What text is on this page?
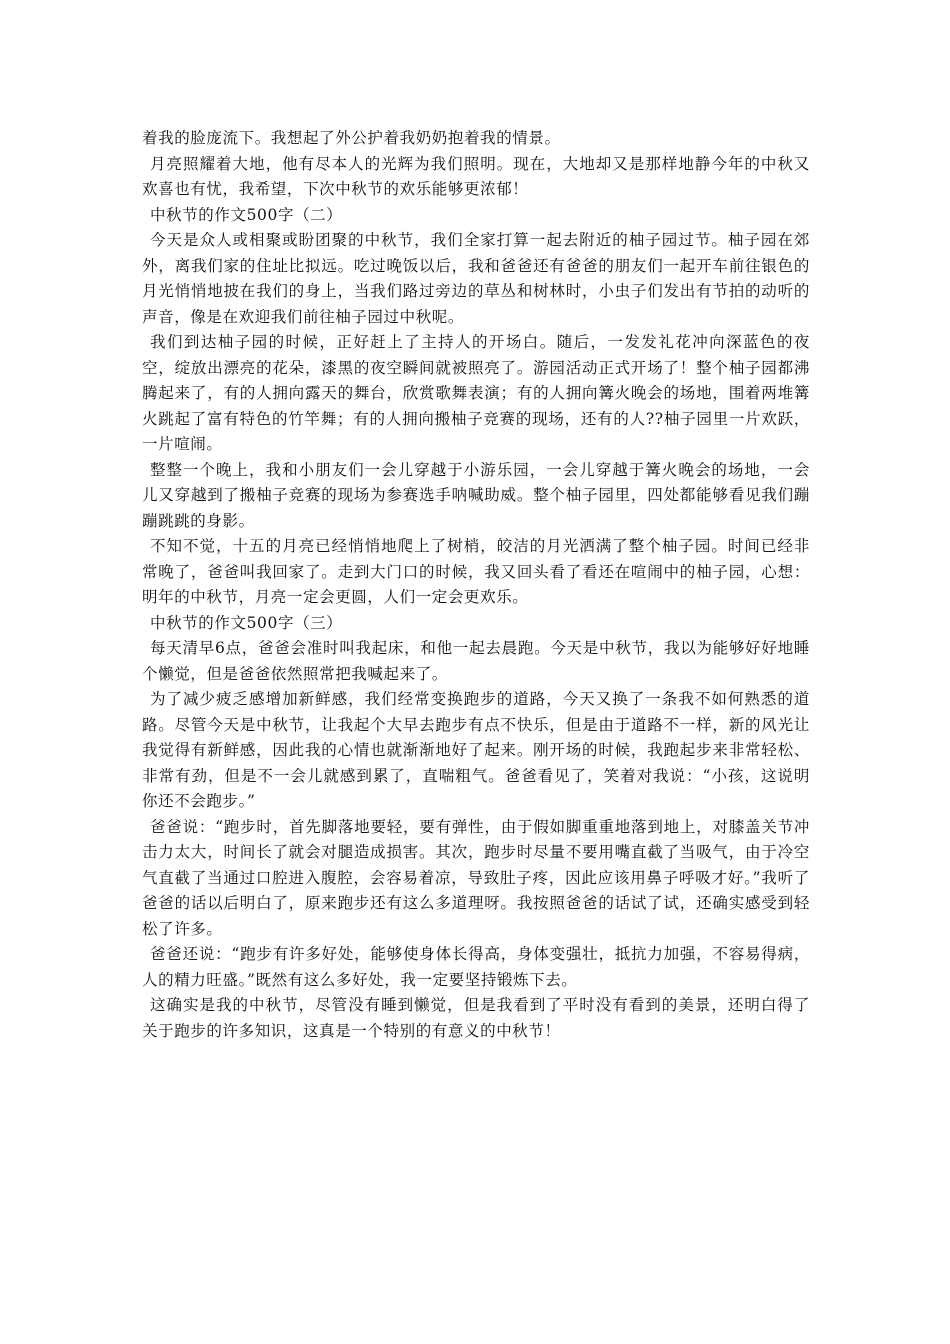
着我的脸庞流下。我想起了外公护着我奶奶抱着我的情景。

月亮照耀着大地，他有尽本人的光辉为我们照明。现在，大地却又是那样地静今年的中秋又欢喜也有忧，我希望，下次中秋节的欢乐能够更浓郁！

中秋节的作文500字（二）

今天是众人或相聚或盼团聚的中秋节，我们全家打算一起去附近的柚子园过节。柚子园在郊外，离我们家的住址比拟远。吃过晚饭以后，我和爸爸还有爸爸的朋友们一起开车前往银色的月光悄悄地披在我们的身上，当我们路过旁边的草丛和树林时，小虫子们发出有节拍的动听的声音，像是在欢迎我们前往柚子园过中秋呢。

我们到达柚子园的时候，正好赶上了主持人的开场白。随后，一发发礼花冲向深蓝色的夜空，绽放出漂亮的花朵，漆黑的夜空瞬间就被照亮了。游园活动正式开场了！整个柚子园都沸腾起来了，有的人拥向露天的舞台，欣赏歌舞表演；有的人拥向篝火晚会的场地，围着两堆篝火跳起了富有特色的竹竿舞；有的人拥向搬柚子竞赛的现场，还有的人??柚子园里一片欢跃，一片喧闹。

整整一个晚上，我和小朋友们一会儿穿越于小游乐园，一会儿穿越于篝火晚会的场地，一会儿又穿越到了搬柚子竞赛的现场为参赛选手呐喊助威。整个柚子园里，四处都能够看见我们蹦蹦跳跳的身影。

不知不觉，十五的月亮已经悄悄地爬上了树梢，皎洁的月光洒满了整个柚子园。时间已经非常晚了，爸爸叫我回家了。走到大门口的时候，我又回头看了看还在喧闹中的柚子园，心想：明年的中秋节，月亮一定会更圆，人们一定会更欢乐。

中秋节的作文500字（三）

每天清早6点，爸爸会准时叫我起床，和他一起去晨跑。今天是中秋节，我以为能够好好地睡个懒觉，但是爸爸依然照常把我喊起来了。

为了减少疲乏感增加新鲜感，我们经常变换跑步的道路，今天又换了一条我不如何熟悉的道路。尽管今天是中秋节，让我起个大早去跑步有点不快乐，但是由于道路不一样，新的风光让我觉得有新鲜感，因此我的心情也就渐渐地好了起来。刚开场的时候，我跑起步来非常轻松、非常有劲，但是不一会儿就感到累了，直喘粗气。爸爸看见了，笑着对我说：“小孩，这说明你还不会跑步。”

爸爸说：“跑步时，首先脚落地要轻，要有弹性，由于假如脚重重地落到地上，对膝盖关节冲击力太大，时间长了就会对腿造成损害。其次，跑步时尽量不要用嘴直截了当吸气，由于冷空气直截了当通过口腔进入腹腔，会容易着凉，导致肚子疼，因此应该用鼻子呼吸才好。”我听了爸爸的话以后明白了，原来跑步还有这么多道理呀。我按照爸爸的话试了试，还确实感受到轻松了许多。

爸爸还说：“跑步有许多好处，能够使身体长得高，身体变强壮，抵抗力加强，不容易得病，人的精力旺盛。”既然有这么多好处，我一定要坚持锻炼下去。

这确实是我的中秋节，尽管没有睡到懒觉，但是我看到了平时没有看到的美景，还明白得了关于跑步的许多知识，这真是一个特别的有意义的中秋节！
